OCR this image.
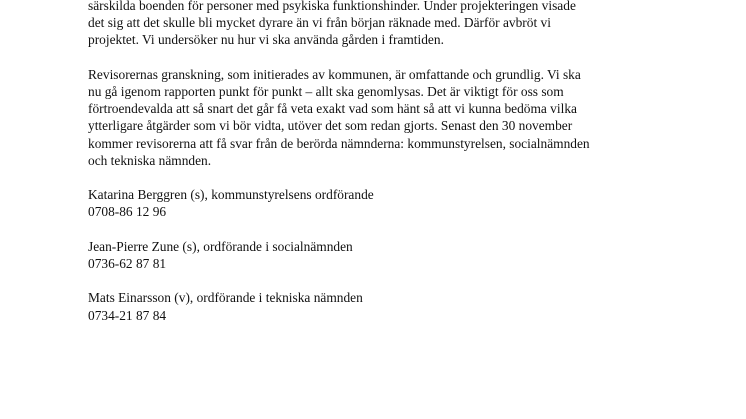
särskilda boenden för personer med psykiska funktionshinder. Under projekteringen visade
det sig att det skulle bli mycket dyrare än vi från början räknade med. Därför avbröt vi
projektet. Vi undersöker nu hur vi ska använda gården i framtiden.

Revisorernas granskning, som initierades av kommunen, är omfattande och grundlig. Vi ska
nu gå igenom rapporten punkt för punkt – allt ska genomlysas. Det är viktigt för oss som
förtroendevalda att så snart det går få veta exakt vad som hänt så att vi kunna bedöma vilka
ytterligare åtgärder som vi bör vidta, utöver det som redan gjorts. Senast den 30 november
kommer revisorerna att få svar från de berörda nämnderna: kommunstyrelsen, socialnämnden
och tekniska nämnden.

Katarina Berggren (s), kommunstyrelsens ordförande
0708-86 12 96
Jean-Pierre Zune (s), ordförande i socialnämnden
0736-62 87 81
Mats Einarsson (v), ordförande i tekniska nämnden
0734-21 87 84
